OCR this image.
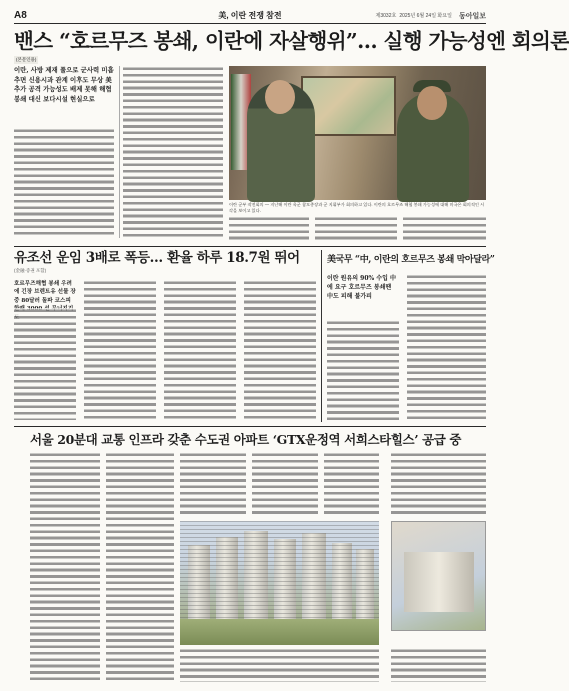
A8	美, 이란 전쟁 참전	제3032호 2025년 6월 24일 화요일 동아일보
밴스 “호르무즈 봉쇄, 이란에 자살행위”… 실행 가능성엔 회의론
(본문인용)
이란, 사방 제재 풀으로 군사력 미흡 추면 신용시과 관계 이후도 무상 美 추가 공격 가능성도 배제 못해 해협 봉쇄 대신 보다시설 현실으로
이란 군부 작전회의 — 지난해 이란 육군 참모총장과 군 지휘부가 회의하고 있다. 이란의 호르무즈 해협 봉쇄 가능성에 대해 미국은 회의적인 시각을 보이고 있다.
유조선 운임 3배로 폭등… 환율 하루 18.7원 뛰어
(金融·증권 포함)
호르무즈해협 봉쇄 우려에 긴장 브렌트유 선물 장중 80달러 돌파 코스피
美국무 “中, 이란의 호르무즈 봉쇄 막아달라”
이란 원유의 90% 수입 中에 요구 호르무즈 봉쇄땐 中도 피해 불가피
서울 20분대 교통 인프라 갖춘 수도권 아파트 ‘GTX운정역 서희스타힐스’ 공급 중
